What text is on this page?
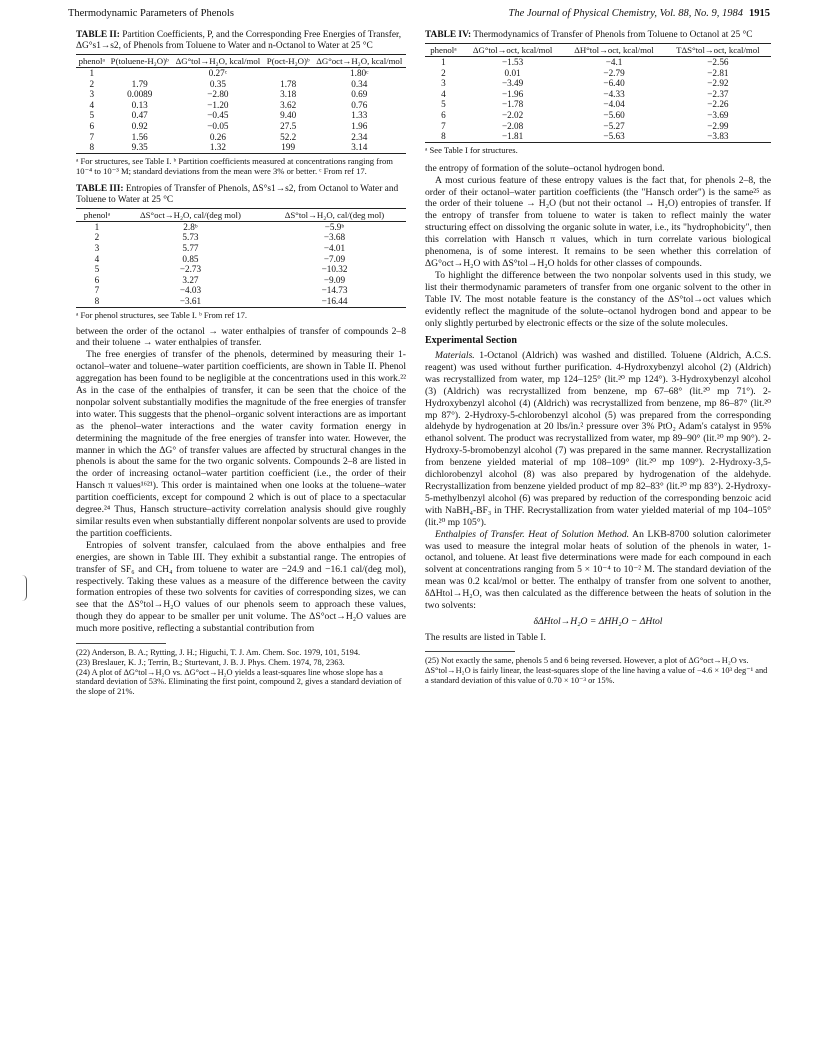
Thermodynamic Parameters of Phenols	The Journal of Physical Chemistry, Vol. 88, No. 9, 1984 1915
TABLE II: Partition Coefficients, P, and the Corresponding Free Energies of Transfer, ΔG°s1→s2, of Phenols from Toluene to Water and n-Octanol to Water at 25 °C
phenolᵃ	P(toluene-H₂O)ᵇ	ΔG°tol→H₂O, kcal/mol	P(oct-H₂O)ᵇ	ΔG°oct→H₂O, kcal/mol
1		0.27ᶜ		1.80ᶜ
2	1.79	0.35	1.78	0.34
3	0.0089	−2.80	3.18	0.69
4	0.13	−1.20	3.62	0.76
5	0.47	−0.45	9.40	1.33
6	0.92	−0.05	27.5	1.96
7	1.56	0.26	52.2	2.34
8	9.35	1.32	199	3.14

ᵃ For structures, see Table I. ᵇ Partition coefficients measured at concentrations ranging from 10⁻⁴ to 10⁻³ M; standard deviations from the mean were 3% or better. ᶜ From ref 17.

TABLE III: Entropies of Transfer of Phenols, ΔS°s1→s2, from Octanol to Water and Toluene to Water at 25 °C
phenolᵃ	ΔS°oct→H₂O, cal/(deg mol)	ΔS°tol→H₂O, cal/(deg mol)
1	2.8ᵇ	−5.9ᵇ
2	5.73	−3.68
3	5.77	−4.01
4	0.85	−7.09
5	−2.73	−10.32
6	3.27	−9.09
7	−4.03	−14.73
8	−3.61	−16.44

ᵃ For phenol structures, see Table I. ᵇ From ref 17.

between the order of the octanol → water enthalpies of transfer of compounds 2–8 and their toluene → water enthalpies of transfer.

The free energies of transfer of the phenols, determined by measuring their 1-octanol–water and toluene–water partition coefficients, are shown in Table II. Phenol aggregation has been found to be negligible at the concentrations used in this work.²² As in the case of the enthalpies of transfer, it can be seen that the choice of the nonpolar solvent substantially modifies the magnitude of the free energies of transfer into water. This suggests that the phenol–organic solvent interactions are as important as the phenol–water interactions and the water cavity formation energy in determining the magnitude of the free energies of transfer into water. However, the manner in which the ΔG° of transfer values are affected by structural changes in the phenols is about the same for the two organic solvents. Compounds 2–8 are listed in the order of increasing octanol–water partition coefficient (i.e., the order of their Hansch π values¹⁶²¹). This order is maintained when one looks at the toluene–water partition coefficients, except for compound 2 which is out of place to a spectacular degree.²⁴ Thus, Hansch structure–activity correlation analysis should give roughly similar results even when substantially different nonpolar solvents are used to provide the partition coefficients.

Entropies of solvent transfer, calculaed from the above enthalpies and free energies, are shown in Table III. They exhibit a substantial range. The entropies of transfer of SF₆ and CH₄ from toluene to water are −24.9 and −16.1 cal/(deg mol), respectively. Taking these values as a measure of the difference between the cavity formation entropies of these two solvents for cavities of corresponding sizes, we can see that the ΔS°tol→H₂O values of our phenols seem to approach these values, though they do appear to be smaller per unit volume. The ΔS°oct→H₂O values are much more positive, reflecting a substantial contribution from

(22) Anderson, B. A.; Rytting, J. H.; Higuchi, T. J. Am. Chem. Soc. 1979, 101, 5194.

(23) Breslauer, K. J.; Terrin, B.; Sturtevant, J. B. J. Phys. Chem. 1974, 78, 2363.

(24) A plot of ΔG°tol→H₂O vs. ΔG°oct→H₂O yields a least-squares line whose slope has a standard deviation of 53%. Eliminating the first point, compound 2, gives a standard deviation of the slope of 21%.

TABLE IV: Thermodynamics of Transfer of Phenols from Toluene to Octanol at 25 °C
phenolᵃ	ΔG°tol→oct, kcal/mol	ΔH°tol→oct, kcal/mol	TΔS°tol→oct, kcal/mol
1	−1.53	−4.1	−2.56
2	0.01	−2.79	−2.81
3	−3.49	−6.40	−2.92
4	−1.96	−4.33	−2.37
5	−1.78	−4.04	−2.26
6	−2.02	−5.60	−3.69
7	−2.08	−5.27	−2.99
8	−1.81	−5.63	−3.83

ᵃ See Table I for structures.

the entropy of formation of the solute–octanol hydrogen bond.

A most curious feature of these entropy values is the fact that, for phenols 2–8, the order of their octanol–water partition coefficients (the "Hansch order") is the same²⁵ as the order of their toluene → H₂O (but not their octanol → H₂O) entropies of transfer. If the entropy of transfer from toluene to water is taken to reflect mainly the water structuring effect on dissolving the organic solute in water, i.e., its "hydrophobicity", then this correlation with Hansch π values, which in turn correlate various biological phenomena, is of some interest. It remains to be seen whether this correlation of ΔG°oct→H₂O with ΔS°tol→H₂O holds for other classes of compounds.

To highlight the difference between the two nonpolar solvents used in this study, we list their thermodynamic parameters of transfer from one organic solvent to the other in Table IV. The most notable feature is the constancy of the ΔS°tol→oct values which evidently reflect the magnitude of the solute–octanol hydrogen bond and appear to be only slightly perturbed by electronic effects or the size of the solute molecules.

Experimental Section

Materials. 1-Octanol (Aldrich) was washed and distilled. Toluene (Aldrich, A.C.S. reagent) was used without further purification. 4-Hydroxybenzyl alcohol (2) (Aldrich) was recrystallized from water, mp 124–125° (lit.²⁰ mp 124°). 3-Hydroxybenzyl alcohol (3) (Aldrich) was recrystallized from benzene, mp 67–68° (lit.²⁰ mp 71°). 2-Hydroxybenzyl alcohol (4) (Aldrich) was recrystallized from benzene, mp 86–87° (lit.²⁰ mp 87°). 2-Hydroxy-5-chlorobenzyl alcohol (5) was prepared from the corresponding aldehyde by hydrogenation at 20 lbs/in.² pressure over 3% PtO₂ Adam's catalyst in 95% ethanol solvent. The product was recrystallized from water, mp 89–90° (lit.²⁰ mp 90°). 2-Hydroxy-5-bromobenzyl alcohol (7) was prepared in the same manner. Recrystallization from benzene yielded material of mp 108–109° (lit.²⁰ mp 109°). 2-Hydroxy-3,5-dichlorobenzyl alcohol (8) was also prepared by hydrogenation of the aldehyde. Recrystallization from benzene yielded product of mp 82–83° (lit.²⁰ mp 83°). 2-Hydroxy-5-methylbenzyl alcohol (6) was prepared by reduction of the corresponding benzoic acid with NaBH₄-BF₃ in THF. Recrystallization from water yielded material of mp 104–105° (lit.²⁰ mp 105°).

Enthalpies of Transfer. Heat of Solution Method. An LKB-8700 solution calorimeter was used to measure the integral molar heats of solution of the phenols in water, 1-octanol, and toluene. At least five determinations were made for each compound in each solvent at concentrations ranging from 5 × 10⁻⁴ to 10⁻² M. The standard deviation of the mean was 0.2 kcal/mol or better. The enthalpy of transfer from one solvent to another, δΔHtol→H₂O, was then calculated as the difference between the heats of solution in the two solvents:

δΔHtol→H₂O = ΔHH₂O − ΔHtol

The results are listed in Table I.

(25) Not exactly the same, phenols 5 and 6 being reversed. However, a plot of ΔG°oct→H₂O vs. ΔS°tol→H₂O is fairly linear, the least-squares slope of the line having a value of −4.6 × 10³ deg⁻¹ and a standard deviation of this value of 0.70 × 10⁻³ or 15%.
